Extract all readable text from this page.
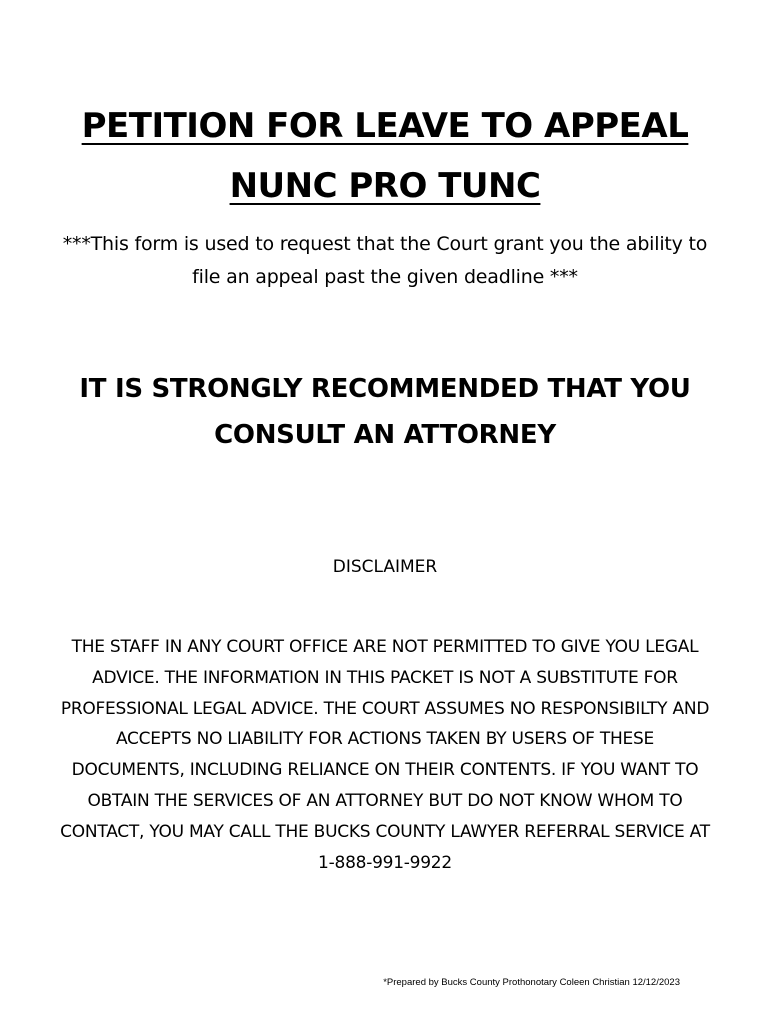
PETITION FOR LEAVE TO APPEAL
NUNC PRO TUNC
***This form is used to request that the Court grant you the ability to file an appeal past the given deadline ***
IT IS STRONGLY RECOMMENDED THAT YOU CONSULT AN ATTORNEY
DISCLAIMER
THE STAFF IN ANY COURT OFFICE ARE NOT PERMITTED TO GIVE YOU LEGAL ADVICE. THE INFORMATION IN THIS PACKET IS NOT A SUBSTITUTE FOR PROFESSIONAL LEGAL ADVICE. THE COURT ASSUMES NO RESPONSIBILTY AND ACCEPTS NO LIABILITY FOR ACTIONS TAKEN BY USERS OF THESE DOCUMENTS, INCLUDING RELIANCE ON THEIR CONTENTS. IF YOU WANT TO OBTAIN THE SERVICES OF AN ATTORNEY BUT DO NOT KNOW WHOM TO CONTACT, YOU MAY CALL THE BUCKS COUNTY LAWYER REFERRAL SERVICE AT 1-888-991-9922
*Prepared by Bucks County Prothonotary Coleen Christian 12/12/2023
